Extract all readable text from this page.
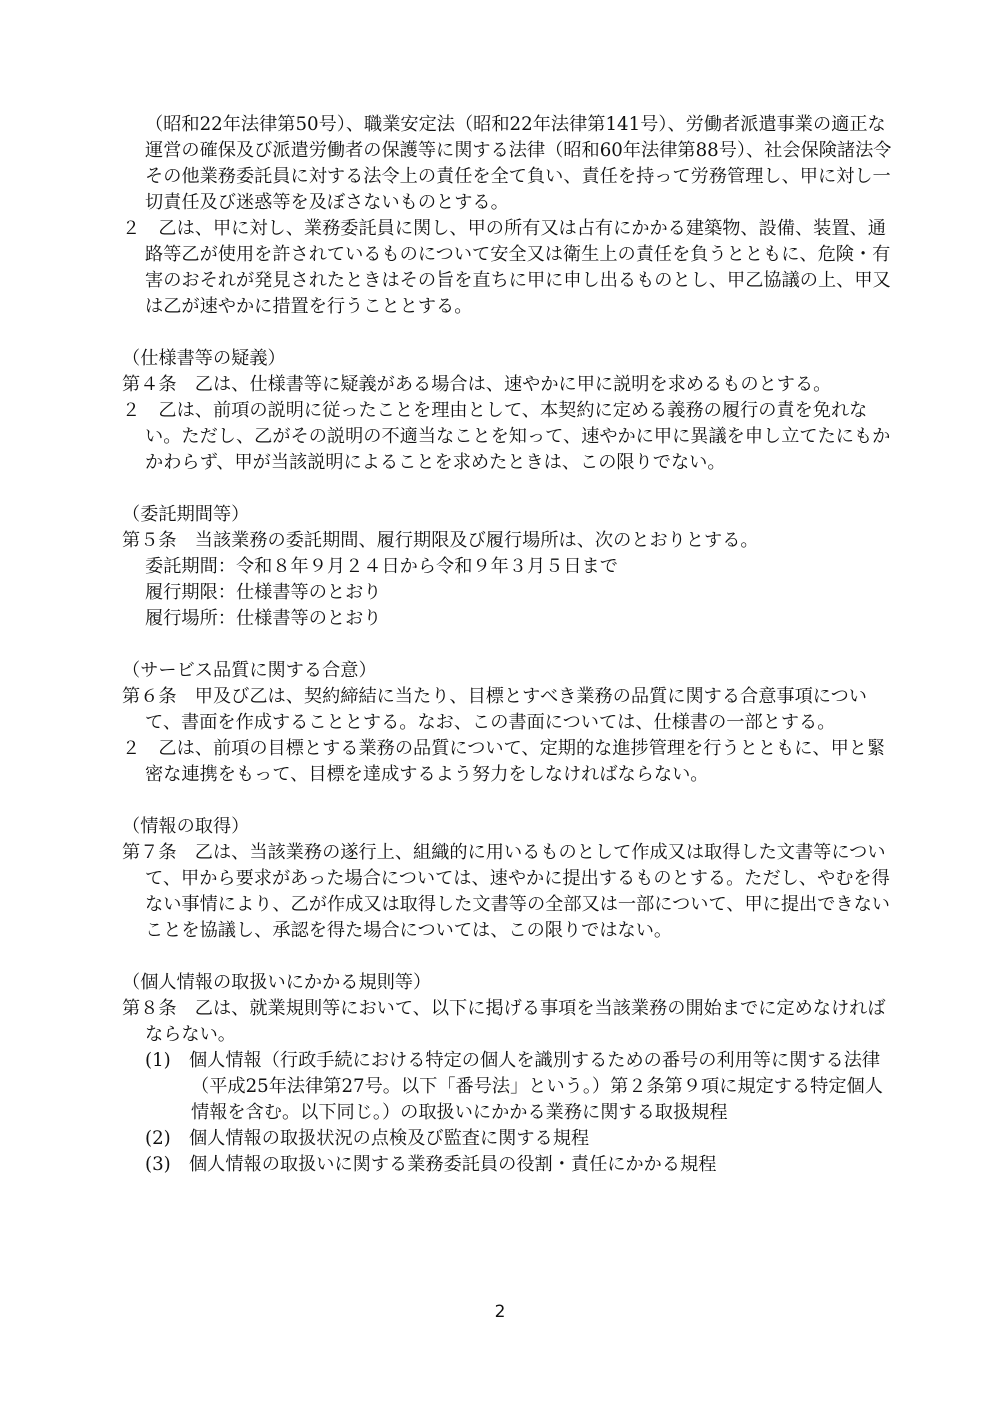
（昭和22年法律第50号）、職業安定法（昭和22年法律第141号）、労働者派遣事業の適正な運営の確保及び派遣労働者の保護等に関する法律（昭和60年法律第88号）、社会保険諸法令その他業務委託員に対する法令上の責任を全て負い、責任を持って労務管理し、甲に対し一切責任及び迷惑等を及ぼさないものとする。

２　乙は、甲に対し、業務委託員に関し、甲の所有又は占有にかかる建築物、設備、装置、通路等乙が使用を許されているものについて安全又は衛生上の責任を負うとともに、危険・有害のおそれが発見されたときはその旨を直ちに甲に申し出るものとし、甲乙協議の上、甲又は乙が速やかに措置を行うこととする。

（仕様書等の疑義）

第４条　乙は、仕様書等に疑義がある場合は、速やかに甲に説明を求めるものとする。

２　乙は、前項の説明に従ったことを理由として、本契約に定める義務の履行の責を免れない。ただし、乙がその説明の不適当なことを知って、速やかに甲に異議を申し立てたにもかかわらず、甲が当該説明によることを求めたときは、この限りでない。

（委託期間等）

第５条　当該業務の委託期間、履行期限及び履行場所は、次のとおりとする。

委託期間：令和８年９月２４日から令和９年３月５日まで

履行期限：仕様書等のとおり

履行場所：仕様書等のとおり

（サービス品質に関する合意）

第６条　甲及び乙は、契約締結に当たり、目標とすべき業務の品質に関する合意事項について、書面を作成することとする。なお、この書面については、仕様書の一部とする。

２　乙は、前項の目標とする業務の品質について、定期的な進捗管理を行うとともに、甲と緊密な連携をもって、目標を達成するよう努力をしなければならない。

（情報の取得）

第７条　乙は、当該業務の遂行上、組織的に用いるものとして作成又は取得した文書等について、甲から要求があった場合については、速やかに提出するものとする。ただし、やむを得ない事情により、乙が作成又は取得した文書等の全部又は一部について、甲に提出できないことを協議し、承認を得た場合については、この限りではない。

（個人情報の取扱いにかかる規則等）

第８条　乙は、就業規則等において、以下に掲げる事項を当該業務の開始までに定めなければならない。

(1)　個人情報（行政手続における特定の個人を識別するための番号の利用等に関する法律（平成25年法律第27号。以下「番号法」という。）第２条第９項に規定する特定個人情報を含む。以下同じ。）の取扱いにかかる業務に関する取扱規程

(2)　個人情報の取扱状況の点検及び監査に関する規程

(3)　個人情報の取扱いに関する業務委託員の役割・責任にかかる規程

2
